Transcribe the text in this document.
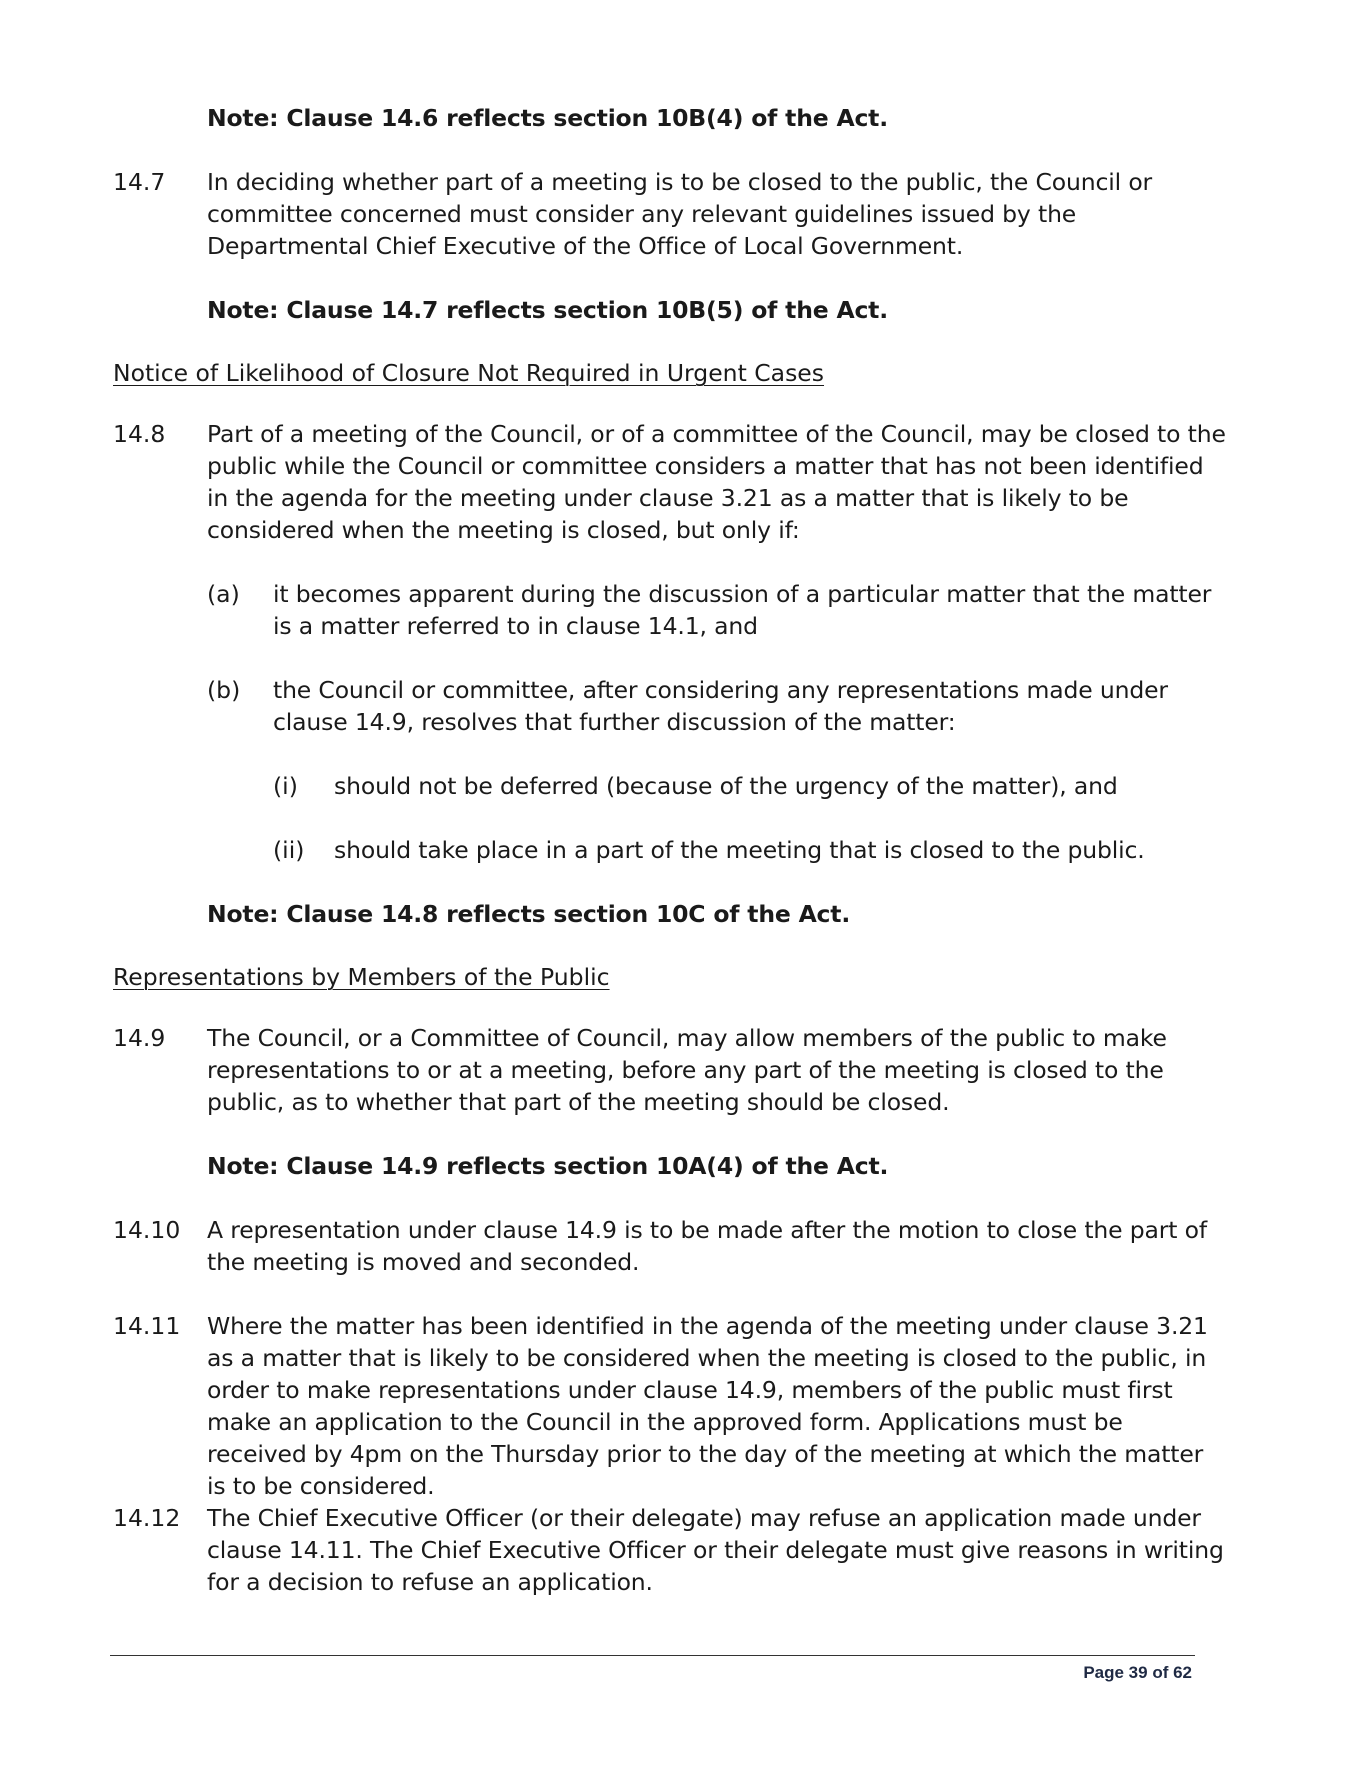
Note: Clause 14.6 reflects section 10B(4) of the Act.
14.7 In deciding whether part of a meeting is to be closed to the public, the Council or committee concerned must consider any relevant guidelines issued by the Departmental Chief Executive of the Office of Local Government.
Note: Clause 14.7 reflects section 10B(5) of the Act.
Notice of Likelihood of Closure Not Required in Urgent Cases
14.8 Part of a meeting of the Council, or of a committee of the Council, may be closed to the public while the Council or committee considers a matter that has not been identified in the agenda for the meeting under clause 3.21 as a matter that is likely to be considered when the meeting is closed, but only if:
(a) it becomes apparent during the discussion of a particular matter that the matter is a matter referred to in clause 14.1, and
(b) the Council or committee, after considering any representations made under clause 14.9, resolves that further discussion of the matter:
(i) should not be deferred (because of the urgency of the matter), and
(ii) should take place in a part of the meeting that is closed to the public.
Note: Clause 14.8 reflects section 10C of the Act.
Representations by Members of the Public
14.9 The Council, or a Committee of Council, may allow members of the public to make representations to or at a meeting, before any part of the meeting is closed to the public, as to whether that part of the meeting should be closed.
Note: Clause 14.9 reflects section 10A(4) of the Act.
14.10 A representation under clause 14.9 is to be made after the motion to close the part of the meeting is moved and seconded.
14.11 Where the matter has been identified in the agenda of the meeting under clause 3.21 as a matter that is likely to be considered when the meeting is closed to the public, in order to make representations under clause 14.9, members of the public must first make an application to the Council in the approved form. Applications must be received by 4pm on the Thursday prior to the day of the meeting at which the matter is to be considered.
14.12 The Chief Executive Officer (or their delegate) may refuse an application made under clause 14.11. The Chief Executive Officer or their delegate must give reasons in writing for a decision to refuse an application.
Page 39 of 62
